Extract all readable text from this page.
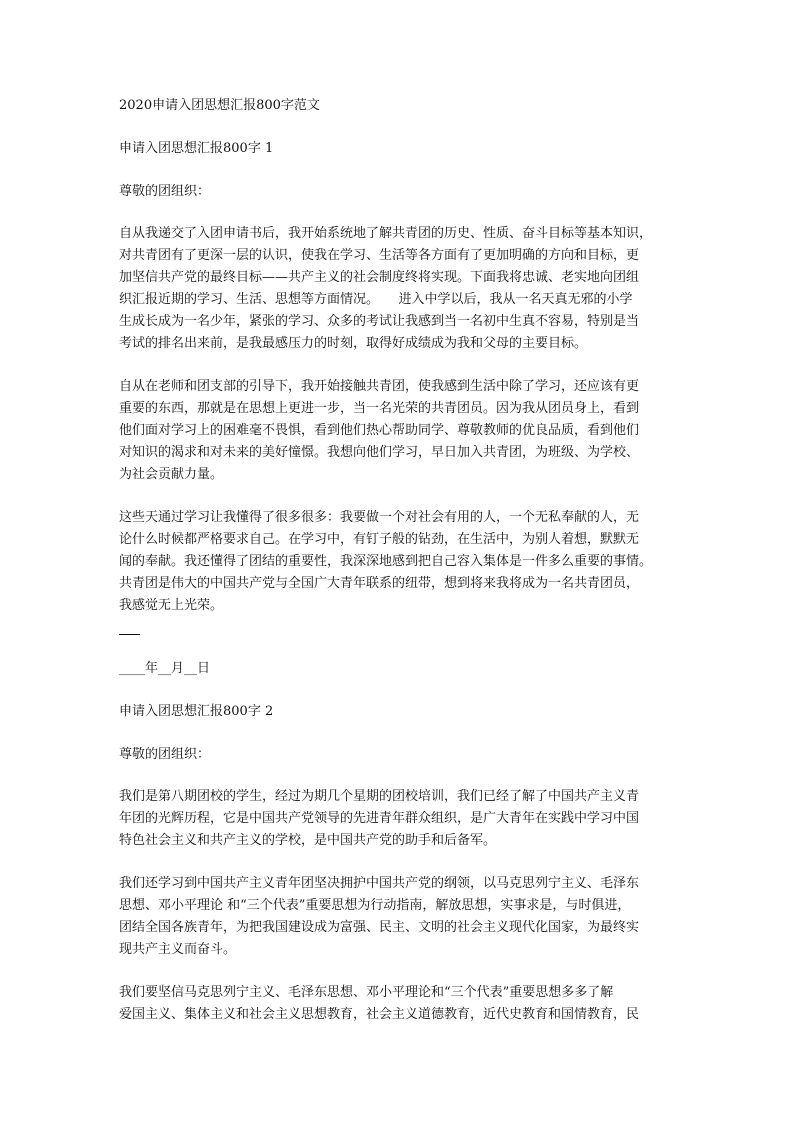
2020申请入团思想汇报800字范文
申请入团思想汇报800字 1
尊敬的团组织：
自从我递交了入团申请书后，我开始系统地了解共青团的历史、性质、奋斗目标等基本知识，
对共青团有了更深一层的认识，使我在学习、生活等各方面有了更加明确的方向和目标，更
加坚信共产党的最终目标——共产主义的社会制度终将实现。下面我将忠诚、老实地向团组
织汇报近期的学习、生活、思想等方面情况。　　进入中学以后，我从一名天真无邪的小学
生成长成为一名少年，紧张的学习、众多的考试让我感到当一名初中生真不容易，特别是当
考试的排名出来前，是我最感压力的时刻，取得好成绩成为我和父母的主要目标。
自从在老师和团支部的引导下，我开始接触共青团，使我感到生活中除了学习，还应该有更
重要的东西，那就是在思想上更进一步，当一名光荣的共青团员。因为我从团员身上，看到
他们面对学习上的困难毫不畏惧，看到他们热心帮助同学、尊敬教师的优良品质，看到他们
对知识的渴求和对未来的美好憧憬。我想向他们学习，早日加入共青团，为班级、为学校、
为社会贡献力量。
这些天通过学习让我懂得了很多很多：我要做一个对社会有用的人，一个无私奉献的人，无
论什么时候都严格要求自己。在学习中，有钉子般的钻劲，在生活中，为别人着想，默默无
闻的奉献。我还懂得了团结的重要性，我深深地感到把自己容入集体是一件多么重要的事情。
共青团是伟大的中国共产党与全国广大青年联系的纽带，想到将来我将成为一名共青团员，
我感觉无上光荣。
____年__月__日
申请入团思想汇报800字 2
尊敬的团组织：
我们是第八期团校的学生，经过为期几个星期的团校培训，我们已经了解了中国共产主义青
年团的光辉历程，它是中国共产党领导的先进青年群众组织，是广大青年在实践中学习中国
特色社会主义和共产主义的学校，是中国共产党的助手和后备军。
我们还学习到中国共产主义青年团坚决拥护中国共产党的纲领，以马克思列宁主义、毛泽东
思想、邓小平理论 和“三个代表”重要思想为行动指南，解放思想，实事求是，与时俱进，
团结全国各族青年，为把我国建设成为富强、民主、文明的社会主义现代化国家，为最终实
现共产主义而奋斗。
我们要坚信马克思列宁主义、毛泽东思想、邓小平理论和“三个代表”重要思想多多了解
爱国主义、集体主义和社会主义思想教育，社会主义道德教育，近代史教育和国情教育，民
